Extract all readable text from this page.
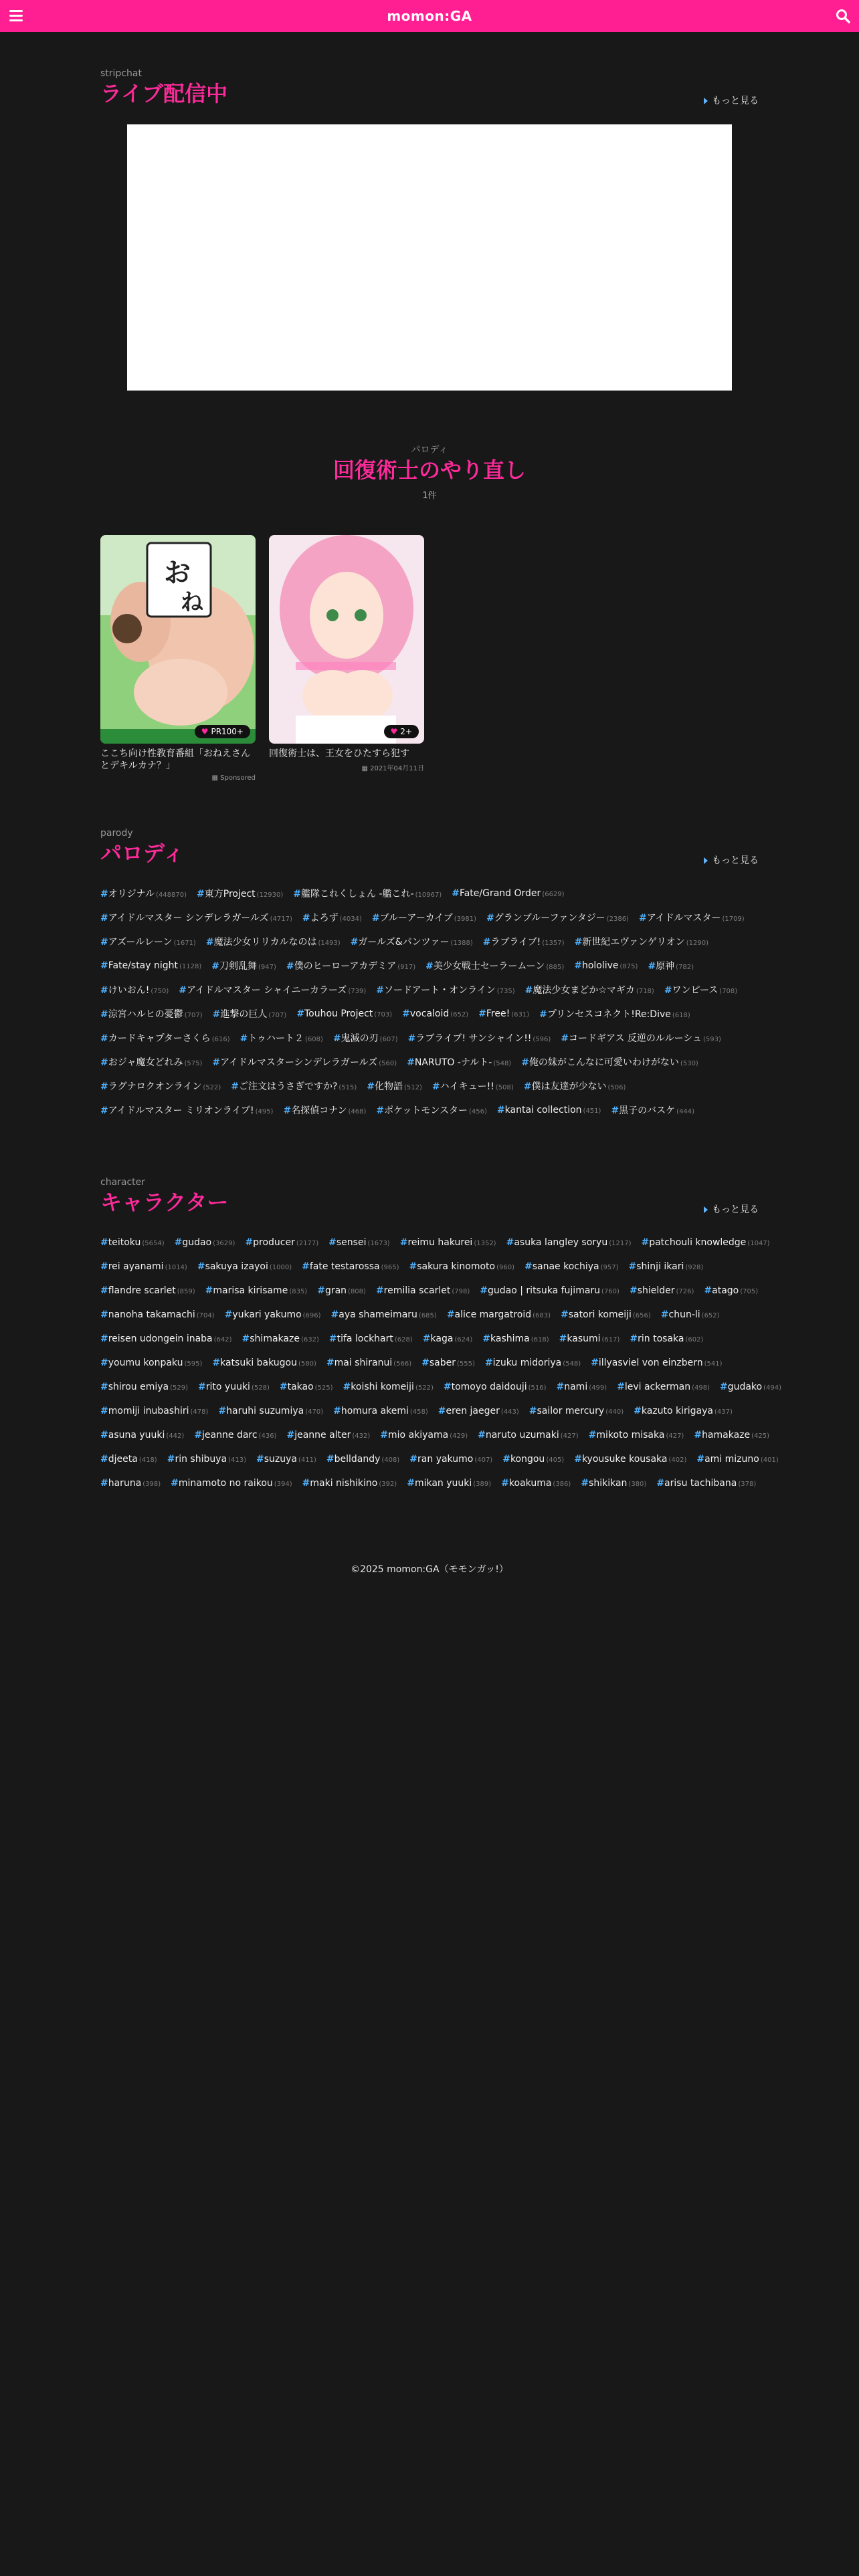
momon:GA
stripchat
ライブ配信中	もっと見る
パロディ
回復術士のやり直し
1件
お
ね
♥ PR100+
ここち向け性教育番組「おねえさんとデキルカナ？」
▦ Sponsored
♥ 2+
回復術士は、王女をひたすら犯す
▦ 2021年04月11日
parody
パロディ	もっと見る
#オリジナル (448870) #東方Project (12930) #艦隊これくしょん -艦これ- (10967) #Fate/Grand Order (6629)
#アイドルマスター シンデレラガールズ (4717) #よろず (4034) #ブルーアーカイブ (3981) #グランブルーファンタジー (2386) #アイドルマスター (1709)
#アズールレーン (1671) #魔法少女リリカルなのは (1493) #ガールズ&パンツァー (1388) #ラブライブ! (1357) #新世紀エヴァンゲリオン (1290)
#Fate/stay night (1128) #刀剣乱舞 (947) #僕のヒーローアカデミア (917) #美少女戦士セーラームーン (885) #hololive (875) #原神 (782)
#けいおん! (750) #アイドルマスター シャイニーカラーズ (739) #ソードアート・オンライン (735) #魔法少女まどか☆マギカ (718) #ワンピース (708)
#涼宮ハルヒの憂鬱 (707) #進撃の巨人 (707) #Touhou Project (703) #vocaloid (652) #Free! (631) #プリンセスコネクト!Re:Dive (618)
#カードキャプターさくら (616) #トゥハート２ (608) #鬼滅の刃 (607) #ラブライブ! サンシャイン!! (596) #コードギアス 反逆のルルーシュ (593)
#おジャ魔女どれみ (575) #アイドルマスターシンデレラガールズ (560) #NARUTO -ナルト- (548) #俺の妹がこんなに可愛いわけがない (530)
#ラグナロクオンライン (522) #ご注文はうさぎですか? (515) #化物語 (512) #ハイキュー!! (508) #僕は友達が少ない (506)
#アイドルマスター ミリオンライブ! (495) #名探偵コナン (468) #ポケットモンスター (456) #kantai collection (451) #黒子のバスケ (444)
character
キャラクター	もっと見る
#teitoku (5654) #gudao (3629) #producer (2177) #sensei (1673) #reimu hakurei (1352) #asuka langley soryu (1217) #patchouli knowledge (1047)
#rei ayanami (1014) #sakuya izayoi (1000) #fate testarossa (965) #sakura kinomoto (960) #sanae kochiya (957) #shinji ikari (928)
#flandre scarlet (859) #marisa kirisame (835) #gran (808) #remilia scarlet (798) #gudao | ritsuka fujimaru (760) #shielder (726) #atago (705)
#nanoha takamachi (704) #yukari yakumo (696) #aya shameimaru (685) #alice margatroid (683) #satori komeiji (656) #chun-li (652)
#reisen udongein inaba (642) #shimakaze (632) #tifa lockhart (628) #kaga (624) #kashima (618) #kasumi (617) #rin tosaka (602)
#youmu konpaku (595) #katsuki bakugou (580) #mai shiranui (566) #saber (555) #izuku midoriya (548) #illyasviel von einzbern (541)
#shirou emiya (529) #rito yuuki (528) #takao (525) #koishi komeiji (522) #tomoyo daidouji (516) #nami (499) #levi ackerman (498) #gudako (494)
#momiji inubashiri (478) #haruhi suzumiya (470) #homura akemi (458) #eren jaeger (443) #sailor mercury (440) #kazuto kirigaya (437)
#asuna yuuki (442) #jeanne darc (436) #jeanne alter (432) #mio akiyama (429) #naruto uzumaki (427) #mikoto misaka (427) #hamakaze (425)
#djeeta (418) #rin shibuya (413) #suzuya (411) #belldandy (408) #ran yakumo (407) #kongou (405) #kyousuke kousaka (402) #ami mizuno (401)
#haruna (398) #minamoto no raikou (394) #maki nishikino (392) #mikan yuuki (389) #koakuma (386) #shikikan (380) #arisu tachibana (378)
©2025 momon:GA（モモンガッ!）
